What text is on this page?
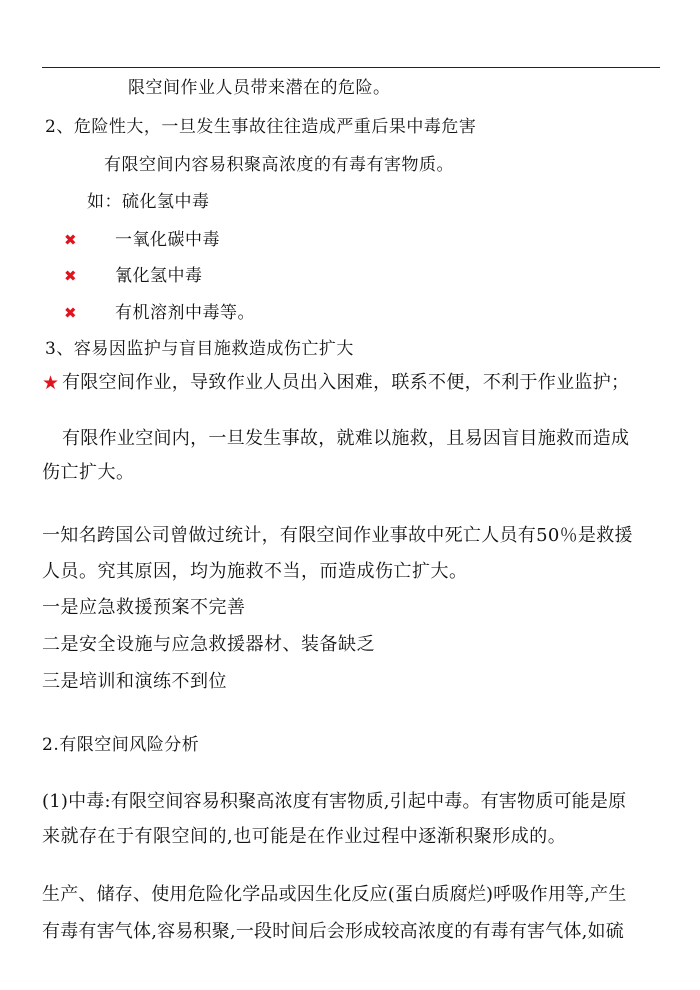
限空间作业人员带来潜在的危险。
2、危险性大，一旦发生事故往往造成严重后果中毒危害
有限空间内容易积聚高浓度的有毒有害物质。
如：硫化氢中毒
✖ 一氧化碳中毒
✖ 氰化氢中毒
✖ 有机溶剂中毒等。
3、容易因监护与盲目施救造成伤亡扩大
★ 有限空间作业，导致作业人员出入困难，联系不便，不利于作业监护；
有限作业空间内，一旦发生事故，就难以施救，且易因盲目施救而造成
伤亡扩大。
一知名跨国公司曾做过统计，有限空间作业事故中死亡人员有50％是救援
人员。究其原因，均为施救不当，而造成伤亡扩大。
一是应急救援预案不完善
二是安全设施与应急救援器材、装备缺乏
三是培训和演练不到位
2.有限空间风险分析
(1)中毒:有限空间容易积聚高浓度有害物质,引起中毒。有害物质可能是原
来就存在于有限空间的,也可能是在作业过程中逐渐积聚形成的。
生产、储存、使用危险化学品或因生化反应(蛋白质腐烂)呼吸作用等,产生
有毒有害气体,容易积聚,一段时间后会形成较高浓度的有毒有害气体,如硫
